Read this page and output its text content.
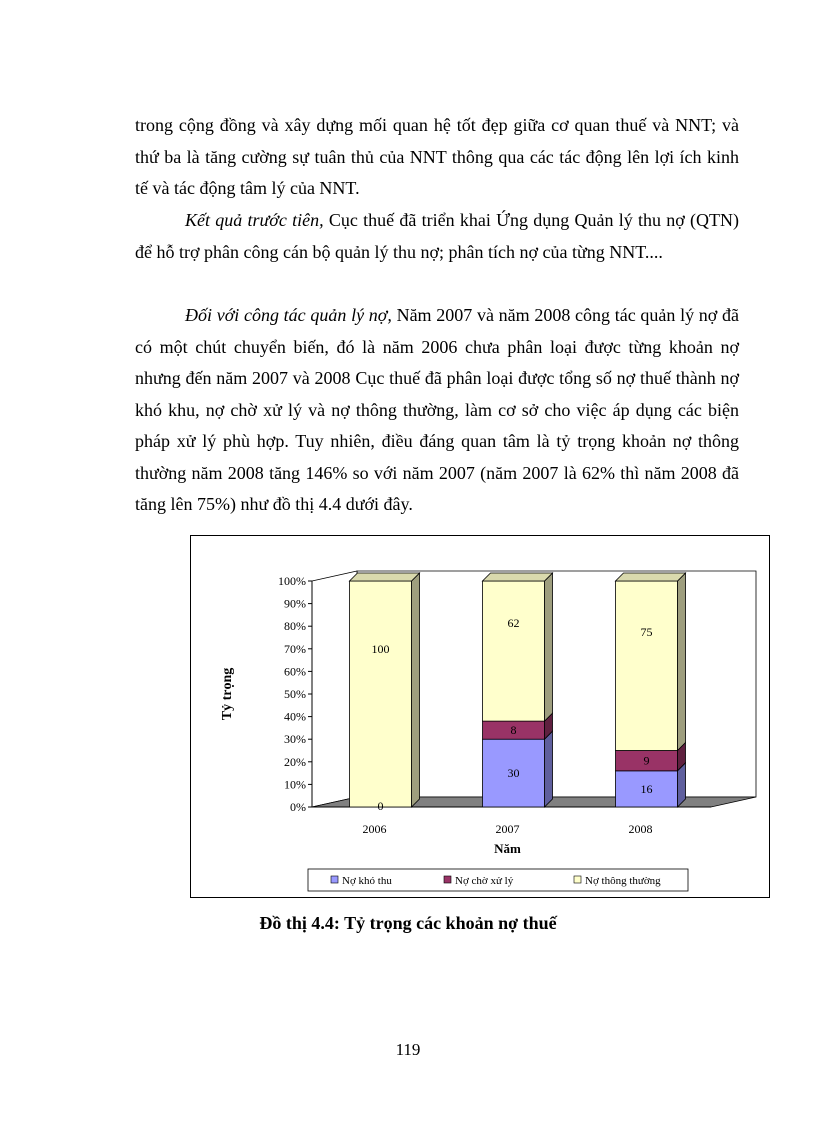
trong cộng đồng và xây dựng mối quan hệ tốt đẹp giữa cơ quan thuế và NNT; và thứ ba là tăng cường sự tuân thủ của NNT thông qua các tác động lên lợi ích kinh tế và tác động tâm lý của NNT.

Kết quả trước tiên, Cục thuế đã triển khai Ứng dụng Quản lý thu nợ (QTN) để hỗ trợ phân công cán bộ quản lý thu nợ; phân tích nợ của từng NNT....

Đối với công tác quản lý nợ, Năm 2007 và năm 2008 công tác quản lý nợ đã có một chút chuyển biến, đó là năm 2006 chưa phân loại được từng khoản nợ nhưng đến năm 2007 và 2008 Cục thuế đã phân loại được tổng số nợ thuế thành nợ khó khu, nợ chờ xử lý và nợ thông thường, làm cơ sở cho việc áp dụng các biện pháp xử lý phù hợp. Tuy nhiên, điều đáng quan tâm là tỷ trọng khoản nợ thông thường năm 2008 tăng 146% so với năm 2007 (năm 2007 là 62% thì năm 2008 đã tăng lên 75%) như đồ thị 4.4 dưới đây.

0%
10%
20%
30%
40%
50%
60%
70%
80%
90%
100%
Tỷ trọng
0
100
2006
30
8
62
2007
16
9
75
2008
Năm
Nợ khó thu	Nợ chờ xử lý	Nợ thông thường
Đồ thị 4.4: Tỷ trọng các khoản nợ thuế
119
